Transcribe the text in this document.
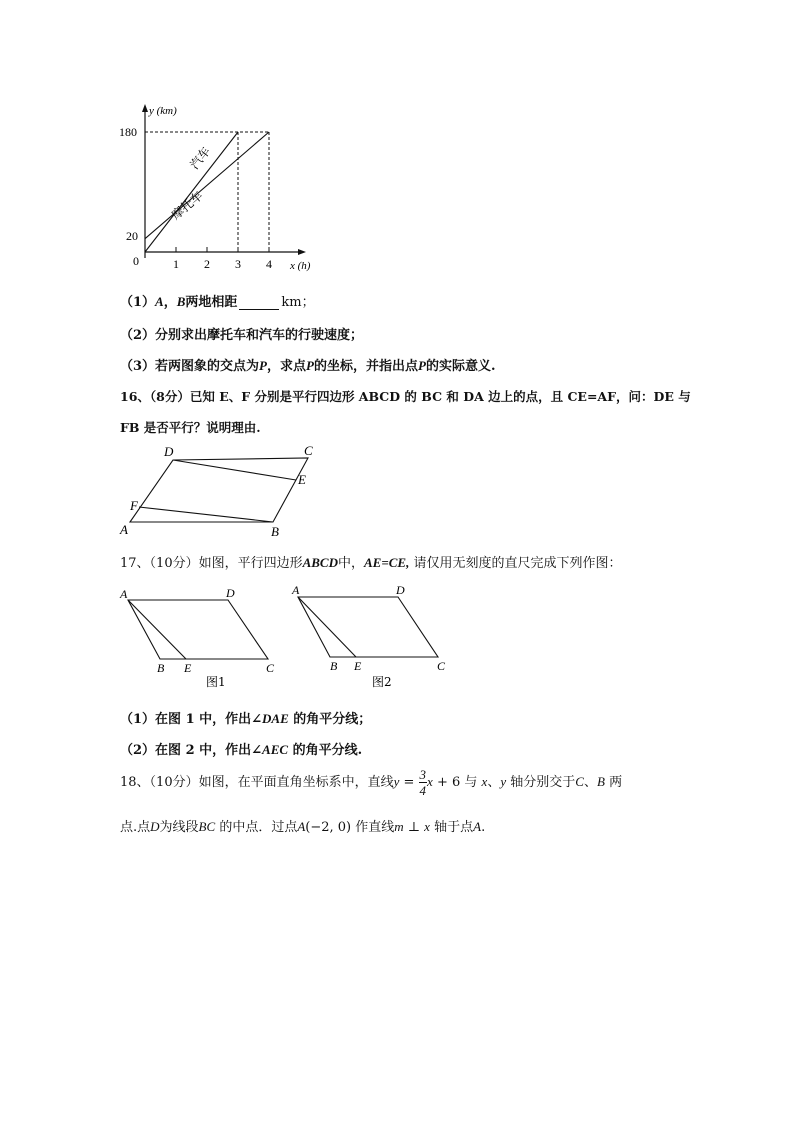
y (km)
180
20
0	1 2 3 4 x (h)
汽车
摩托车
（1）A，B两地相距	km；
（2）分别求出摩托车和汽车的行驶速度；
（3）若两图象的交点为P，求点P的坐标，并指出点P的实际意义.
16、（8分）已知 E、F 分别是平行四边形 ABCD 的 BC 和 DA 边上的点，且 CE=AF，问：DE 与
FB 是否平行？说明理由.
D	C
E
F
A	B
17、（10分）如图，平行四边形ABCD中，AE=CE, 请仅用无刻度的直尺完成下列作图：
A	D
B E	C
图1
A	D
B E	C
图2
（1）在图 1 中，作出∠DAE 的角平分线；
（2）在图 2 中，作出∠AEC 的角平分线.
18、（10分）如图，在平面直角坐标系中，直线$y = \frac{3}{4}$ x + 6 与 x、y 轴分别交于C、B 两
点.点D为线段BC 的中点．过点A(−2, 0) 作直线m ⊥ x 轴于点A.
